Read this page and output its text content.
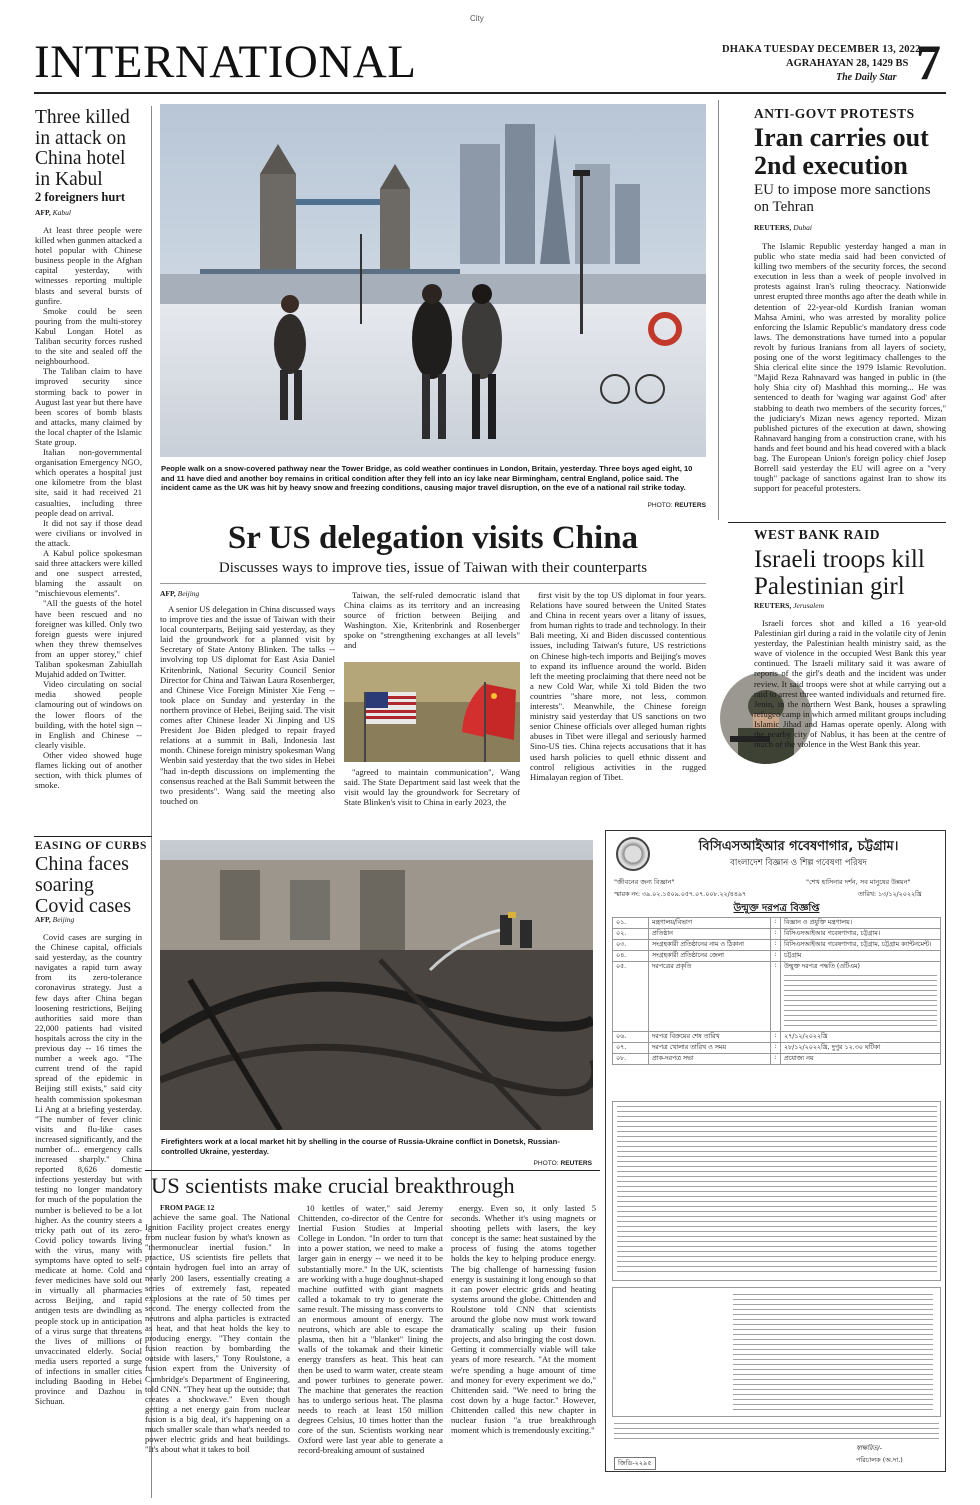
City
INTERNATIONAL	DHAKA TUESDAY DECEMBER 13, 2022
AGRAHAYAN 28, 1429 BS
The Daily Star 7
Three killed in attack on China hotel in Kabul
2 foreigners hurt
AFP, Kabul

At least three people were killed when gunmen attacked a hotel popular with Chinese business people in the Afghan capital yesterday, with witnesses reporting multiple blasts and several bursts of gunfire.

Smoke could be seen pouring from the multi-storey Kabul Longan Hotel as Taliban security forces rushed to the site and sealed off the neighbourhood.

The Taliban claim to have improved security since storming back to power in August last year but there have been scores of bomb blasts and attacks, many claimed by the local chapter of the Islamic State group.

Italian non-governmental organisation Emergency NGO, which operates a hospital just one kilometre from the blast site, said it had received 21 casualties, including three people dead on arrival.

It did not say if those dead were civilians or involved in the attack.

A Kabul police spokesman said three attackers were killed and one suspect arrested, blaming the assault on "mischievous elements".

"All the guests of the hotel have been rescued and no foreigner was killed. Only two foreign guests were injured when they threw themselves from an upper storey," chief Taliban spokesman Zabiullah Mujahid added on Twitter.

Video circulating on social media showed people clamouring out of windows on the lower floors of the building, with the hotel sign -- in English and Chinese -- clearly visible.

Other video showed huge flames licking out of another section, with thick plumes of smoke.

People walk on a snow-covered pathway near the Tower Bridge, as cold weather continues in London, Britain, yesterday. Three boys aged eight, 10 and 11 have died and another boy remains in critical condition after they fell into an icy lake near Birmingham, central England, police said. The incident came as the UK was hit by heavy snow and freezing conditions, causing major travel disruption, on the eve of a national rail strike today.
PHOTO: REUTERS
ANTI-GOVT PROTESTS
Iran carries out 2nd execution
EU to impose more sanctions on Tehran
REUTERS, Dubai

The Islamic Republic yesterday hanged a man in public who state media said had been convicted of killing two members of the security forces, the second execution in less than a week of people involved in protests against Iran's ruling theocracy. Nationwide unrest erupted three months ago after the death while in detention of 22-year-old Kurdish Iranian woman Mahsa Amini, who was arrested by morality police enforcing the Islamic Republic's mandatory dress code laws. The demonstrations have turned into a popular revolt by furious Iranians from all layers of society, posing one of the worst legitimacy challenges to the Shia clerical elite since the 1979 Islamic Revolution. "Majid Reza Rahnavard was hanged in public in (the holy Shia city of) Mashhad this morning... He was sentenced to death for 'waging war against God' after stabbing to death two members of the security forces," the judiciary's Mizan news agency reported. Mizan published pictures of the execution at dawn, showing Rahnavard hanging from a construction crane, with his hands and feet bound and his head covered with a black bag. The European Union's foreign policy chief Josep Borrell said yesterday the EU will agree on a "very tough" package of sanctions against Iran to show its support for peaceful protesters.

Sr US delegation visits China
Discusses ways to improve ties, issue of Taiwan with their counterparts
AFP, Beijing

A senior US delegation in China discussed ways to improve ties and the issue of Taiwan with their local counterparts, Beijing said yesterday, as they laid the groundwork for a planned visit by Secretary of State Antony Blinken. The talks -- involving top US diplomat for East Asia Daniel Kritenbrink, National Security Council Senior Director for China and Taiwan Laura Rosenberger, and Chinese Vice Foreign Minister Xie Feng -- took place on Sunday and yesterday in the northern province of Hebei, Beijing said. The visit comes after Chinese leader Xi Jinping and US President Joe Biden pledged to repair frayed relations at a summit in Bali, Indonesia last month. Chinese foreign ministry spokesman Wang Wenbin said yesterday that the two sides in Hebei "had in-depth discussions on implementing the consensus reached at the Bali Summit between the two presidents". Wang said the meeting also touched on

Taiwan, the self-ruled democratic island that China claims as its territory and an increasing source of friction between Beijing and Washington. Xie, Kritenbrink and Rosenberger spoke on "strengthening exchanges at all levels" and

"agreed to maintain communication", Wang said. The State Department said last week that the visit would lay the groundwork for Secretary of State Blinken's visit to China in early 2023, the

first visit by the top US diplomat in four years. Relations have soured between the United States and China in recent years over a litany of issues, from human rights to trade and technology. In their Bali meeting, Xi and Biden discussed contentious issues, including Taiwan's future, US restrictions on Chinese high-tech imports and Beijing's moves to expand its influence around the world. Biden left the meeting proclaiming that there need not be a new Cold War, while Xi told Biden the two countries "share more, not less, common interests". Meanwhile, the Chinese foreign ministry said yesterday that US sanctions on two senior Chinese officials over alleged human rights abuses in Tibet were illegal and seriously harmed Sino-US ties. China rejects accusations that it has used harsh policies to quell ethnic dissent and control religious activities in the rugged Himalayan region of Tibet.

WEST BANK RAID
Israeli troops kill Palestinian girl
REUTERS, Jerusalem

Israeli forces shot and killed a 16 year-old Palestinian girl during a raid in the volatile city of Jenin yesterday, the Palestinian health ministry said, as the wave of violence in the occupied West Bank this year continued. The Israeli military said it was aware of reports of the girl's death and the incident was under review. It said troops were shot at while carrying out a raid to arrest three wanted individuals and returned fire. Jenin, in the northern West Bank, houses a sprawling refugee camp in which armed militant groups including Islamic Jihad and Hamas operate openly. Along with the nearby city of Nablus, it has been at the centre of much of the violence in the West Bank this year.

EASING OF CURBS
China faces soaring Covid cases
AFP, Beijing

Covid cases are surging in the Chinese capital, officials said yesterday, as the country navigates a rapid turn away from its zero-tolerance coronavirus strategy. Just a few days after China began loosening restrictions, Beijing authorities said more than 22,000 patients had visited hospitals across the city in the previous day -- 16 times the number a week ago. "The current trend of the rapid spread of the epidemic in Beijing still exists," said city health commission spokesman Li Ang at a briefing yesterday. "The number of fever clinic visits and flu-like cases increased significantly, and the number of... emergency calls increased sharply." China reported 8,626 domestic infections yesterday but with testing no longer mandatory for much of the population the number is believed to be a lot higher. As the country steers a tricky path out of its zero-Covid policy towards living with the virus, many with symptoms have opted to self-medicate at home. Cold and fever medicines have sold out in virtually all pharmacies across Beijing, and rapid antigen tests are dwindling as people stock up in anticipation of a virus surge that threatens the lives of millions of unvaccinated elderly. Social media users reported a surge of infections in smaller cities including Baoding in Hebei province and Dazhou in Sichuan.

Firefighters work at a local market hit by shelling in the course of Russia-Ukraine conflict in Donetsk, Russian-controlled Ukraine, yesterday.
PHOTO: REUTERS
US scientists make crucial breakthrough
FROM PAGE 12

achieve the same goal. The National Ignition Facility project creates energy from nuclear fusion by what's known as "thermonuclear inertial fusion." In practice, US scientists fire pellets that contain hydrogen fuel into an array of nearly 200 lasers, essentially creating a series of extremely fast, repeated explosions at the rate of 50 times per second. The energy collected from the neutrons and alpha particles is extracted as heat, and that heat holds the key to producing energy. "They contain the fusion reaction by bombarding the outside with lasers," Tony Roulstone, a fusion expert from the University of Cambridge's Department of Engineering, told CNN. "They heat up the outside; that creates a shockwave." Even though getting a net energy gain from nuclear fusion is a big deal, it's happening on a much smaller scale than what's needed to power electric grids and heat buildings. "It's about what it takes to boil

10 kettles of water," said Jeremy Chittenden, co-director of the Centre for Inertial Fusion Studies at Imperial College in London. "In order to turn that into a power station, we need to make a larger gain in energy -- we need it to be substantially more." In the UK, scientists are working with a huge doughnut-shaped machine outfitted with giant magnets called a tokamak to try to generate the same result. The missing mass converts to an enormous amount of energy. The neutrons, which are able to escape the plasma, then hit a "blanket" lining the walls of the tokamak and their kinetic energy transfers as heat. This heat can then be used to warm water, create steam and power turbines to generate power. The machine that generates the reaction has to undergo serious heat. The plasma needs to reach at least 150 million degrees Celsius, 10 times hotter than the core of the sun. Scientists working near Oxford were last year able to generate a record-breaking amount of sustained

energy. Even so, it only lasted 5 seconds. Whether it's using magnets or shooting pellets with lasers, the key concept is the same: heat sustained by the process of fusing the atoms together holds the key to helping produce energy. The big challenge of harnessing fusion energy is sustaining it long enough so that it can power electric grids and heating systems around the globe. Chittenden and Roulstone told CNN that scientists around the globe now must work toward dramatically scaling up their fusion projects, and also bringing the cost down. Getting it commercially viable will take years of more research. "At the moment we're spending a huge amount of time and money for every experiment we do," Chittenden said. "We need to bring the cost down by a huge factor." However, Chittenden called this new chapter in nuclear fusion "a true breakthrough moment which is tremendously exciting."

বিসিএসআইআর গবেষণাগার, চট্টগ্রাম।
বাংলাদেশ বিজ্ঞান ও শিল্প গবেষণা পরিষদ
"জীবনের জন্য বিজ্ঞান"	"শেখ হাসিনার দর্শন, সব মানুষের উন্নয়ন"
স্মারক নং: ৩৯.০২.১৫০৯.০৫৭.০৭.০০৮.২২/৪৪৯৭	তারিখ: ১৩/১২/২০২২খ্রি
উন্মুক্ত দরপত্র বিজ্ঞপ্তি
০১.	মন্ত্রণালয়/বিভাগ	:	বিজ্ঞান ও প্রযুক্তি মন্ত্রণালয়।
০২.	প্রতিষ্ঠান	:	বিসিএসআইআর গবেষণাগার, চট্টগ্রাম।
০৩.	সংগ্রহকারী প্রতিষ্ঠানের নাম ও ঠিকানা	:	বিসিএসআইআর গবেষণাগার, চট্টগ্রাম, চট্টগ্রাম ক্যান্টনমেন্ট।
০৪.	সংগ্রহকারী প্রতিষ্ঠানের জেলা	:	চট্টগ্রাম
০৫.	দরপত্রের প্রকৃতি	:	উন্মুক্ত দরপত্র পদ্ধতি (ওটিএম)
০৬.	দরপত্র বিক্রয়ের শেষ তারিখ	:	২৭/১২/২০২২খ্রি
০৭.	দরপত্র খোলার তারিখ ও সময়	:	২৮/১২/২০২২খ্রি, দুপুর ১২.৩০ ঘটিকা
০৮.	প্রাক-দরপত্র সভা	:	প্রযোজ্য নয়
স্বাক্ষরিত/-
পরিচালক (অ.দা.)
জিডি-২২৯৫
